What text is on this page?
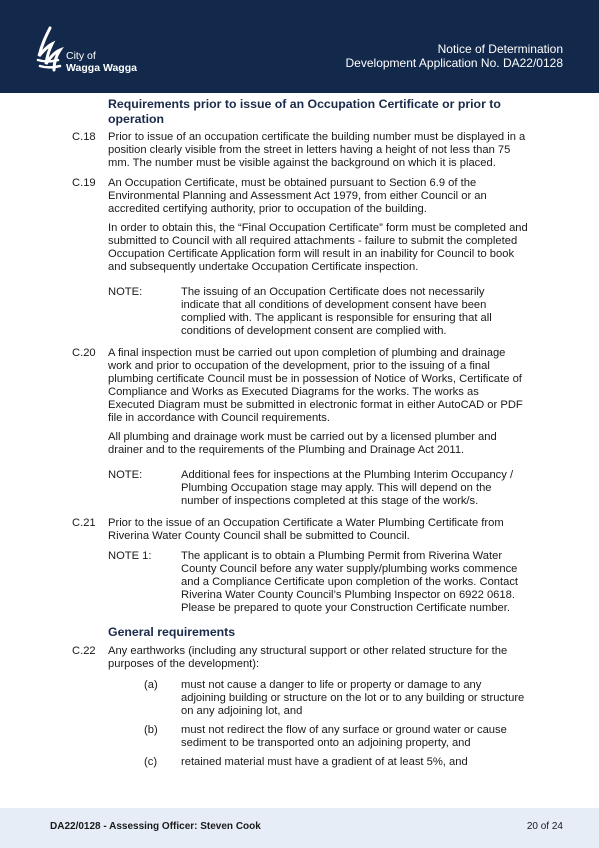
City of
Wagga Wagga
Notice of Determination
Development Application No. DA22/0128
Requirements prior to issue of an Occupation Certificate or prior to operation
C.18 Prior to issue of an occupation certificate the building number must be displayed in a position clearly visible from the street in letters having a height of not less than 75 mm. The number must be visible against the background on which it is placed.
C.19 An Occupation Certificate, must be obtained pursuant to Section 6.9 of the Environmental Planning and Assessment Act 1979, from either Council or an accredited certifying authority, prior to occupation of the building.
In order to obtain this, the “Final Occupation Certificate” form must be completed and submitted to Council with all required attachments - failure to submit the completed Occupation Certificate Application form will result in an inability for Council to book and subsequently undertake Occupation Certificate inspection.
NOTE:	The issuing of an Occupation Certificate does not necessarily indicate that all conditions of development consent have been complied with. The applicant is responsible for ensuring that all conditions of development consent are complied with.
C.20 A final inspection must be carried out upon completion of plumbing and drainage work and prior to occupation of the development, prior to the issuing of a final plumbing certificate Council must be in possession of Notice of Works, Certificate of Compliance and Works as Executed Diagrams for the works. The works as Executed Diagram must be submitted in electronic format in either AutoCAD or PDF file in accordance with Council requirements.
All plumbing and drainage work must be carried out by a licensed plumber and drainer and to the requirements of the Plumbing and Drainage Act 2011.
NOTE:	Additional fees for inspections at the Plumbing Interim Occupancy / Plumbing Occupation stage may apply. This will depend on the number of inspections completed at this stage of the work/s.
C.21 Prior to the issue of an Occupation Certificate a Water Plumbing Certificate from Riverina Water County Council shall be submitted to Council.
NOTE 1:	The applicant is to obtain a Plumbing Permit from Riverina Water County Council before any water supply/plumbing works commence and a Compliance Certificate upon completion of the works. Contact Riverina Water County Council’s Plumbing Inspector on 6922 0618. Please be prepared to quote your Construction Certificate number.
General requirements
C.22 Any earthworks (including any structural support or other related structure for the purposes of the development):
(a) must not cause a danger to life or property or damage to any adjoining building or structure on the lot or to any building or structure on any adjoining lot, and
(b) must not redirect the flow of any surface or ground water or cause sediment to be transported onto an adjoining property, and
(c) retained material must have a gradient of at least 5%, and
DA22/0128 - Assessing Officer: Steven Cook	20 of 24
